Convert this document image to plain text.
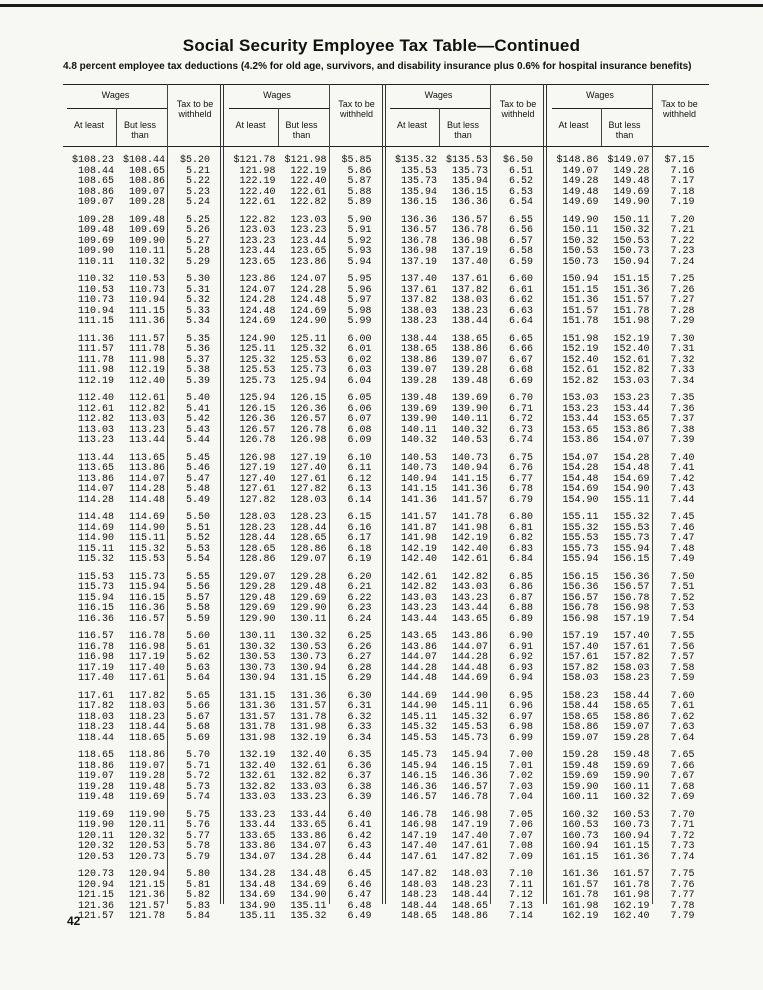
Social Security Employee Tax Table—Continued
4.8 percent employee tax deductions (4.2% for old age, survivors, and disability insurance plus 0.6% for hospital insurance benefits)
Wages
At least	But less than
Tax to be withheld
$108.23 $108.44	$5.20
108.44	108.65	5.21
108.65	108.86	5.22
108.86	109.07	5.23
109.07	109.28	5.24
109.28	109.48	5.25
109.48	109.69	5.26
109.69	109.90	5.27
109.90	110.11	5.28
110.11	110.32	5.29
110.32	110.53	5.30
110.53	110.73	5.31
110.73	110.94	5.32
110.94	111.15	5.33
111.15	111.36	5.34
111.36	111.57	5.35
111.57	111.78	5.36
111.78	111.98	5.37
111.98	112.19	5.38
112.19	112.40	5.39
112.40	112.61	5.40
112.61	112.82	5.41
112.82	113.03	5.42
113.03	113.23	5.43
113.23	113.44	5.44
113.44	113.65	5.45
113.65	113.86	5.46
113.86	114.07	5.47
114.07	114.28	5.48
114.28	114.48	5.49
114.48	114.69	5.50
114.69	114.90	5.51
114.90	115.11	5.52
115.11	115.32	5.53
115.32	115.53	5.54
115.53	115.73	5.55
115.73	115.94	5.56
115.94	116.15	5.57
116.15	116.36	5.58
116.36	116.57	5.59
116.57	116.78	5.60
116.78	116.98	5.61
116.98	117.19	5.62
117.19	117.40	5.63
117.40	117.61	5.64
117.61	117.82	5.65
117.82	118.03	5.66
118.03	118.23	5.67
118.23	118.44	5.68
118.44	118.65	5.69
118.65	118.86	5.70
118.86	119.07	5.71
119.07	119.28	5.72
119.28	119.48	5.73
119.48	119.69	5.74
119.69	119.90	5.75
119.90	120.11	5.76
120.11	120.32	5.77
120.32	120.53	5.78
120.53	120.73	5.79
120.73	120.94	5.80
120.94	121.15	5.81
121.15	121.36	5.82
121.36	121.57	5.83
121.57	121.78	5.84
Wages
At least	But less than
Tax to be withheld
$121.78 $121.98	$5.85
121.98	122.19	5.86
122.19	122.40	5.87
122.40	122.61	5.88
122.61	122.82	5.89
122.82	123.03	5.90
123.03	123.23	5.91
123.23	123.44	5.92
123.44	123.65	5.93
123.65	123.86	5.94
123.86	124.07	5.95
124.07	124.28	5.96
124.28	124.48	5.97
124.48	124.69	5.98
124.69	124.90	5.99
124.90	125.11	6.00
125.11	125.32	6.01
125.32	125.53	6.02
125.53	125.73	6.03
125.73	125.94	6.04
125.94	126.15	6.05
126.15	126.36	6.06
126.36	126.57	6.07
126.57	126.78	6.08
126.78	126.98	6.09
126.98	127.19	6.10
127.19	127.40	6.11
127.40	127.61	6.12
127.61	127.82	6.13
127.82	128.03	6.14
128.03	128.23	6.15
128.23	128.44	6.16
128.44	128.65	6.17
128.65	128.86	6.18
128.86	129.07	6.19
129.07	129.28	6.20
129.28	129.48	6.21
129.48	129.69	6.22
129.69	129.90	6.23
129.90	130.11	6.24
130.11	130.32	6.25
130.32	130.53	6.26
130.53	130.73	6.27
130.73	130.94	6.28
130.94	131.15	6.29
131.15	131.36	6.30
131.36	131.57	6.31
131.57	131.78	6.32
131.78	131.98	6.33
131.98	132.19	6.34
132.19	132.40	6.35
132.40	132.61	6.36
132.61	132.82	6.37
132.82	133.03	6.38
133.03	133.23	6.39
133.23	133.44	6.40
133.44	133.65	6.41
133.65	133.86	6.42
133.86	134.07	6.43
134.07	134.28	6.44
134.28	134.48	6.45
134.48	134.69	6.46
134.69	134.90	6.47
134.90	135.11	6.48
135.11	135.32	6.49
Wages
At least	But less than
Tax to be withheld
$135.32 $135.53	$6.50
135.53	135.73	6.51
135.73	135.94	6.52
135.94	136.15	6.53
136.15	136.36	6.54
136.36	136.57	6.55
136.57	136.78	6.56
136.78	136.98	6.57
136.98	137.19	6.58
137.19	137.40	6.59
137.40	137.61	6.60
137.61	137.82	6.61
137.82	138.03	6.62
138.03	138.23	6.63
138.23	138.44	6.64
138.44	138.65	6.65
138.65	138.86	6.66
138.86	139.07	6.67
139.07	139.28	6.68
139.28	139.48	6.69
139.48	139.69	6.70
139.69	139.90	6.71
139.90	140.11	6.72
140.11	140.32	6.73
140.32	140.53	6.74
140.53	140.73	6.75
140.73	140.94	6.76
140.94	141.15	6.77
141.15	141.36	6.78
141.36	141.57	6.79
141.57	141.78	6.80
141.87	141.98	6.81
141.98	142.19	6.82
142.19	142.40	6.83
142.40	142.61	6.84
142.61	142.82	6.85
142.82	143.03	6.86
143.03	143.23	6.87
143.23	143.44	6.88
143.44	143.65	6.89
143.65	143.86	6.90
143.86	144.07	6.91
144.07	144.28	6.92
144.28	144.48	6.93
144.48	144.69	6.94
144.69	144.90	6.95
144.90	145.11	6.96
145.11	145.32	6.97
145.32	145.53	6.98
145.53	145.73	6.99
145.73	145.94	7.00
145.94	146.15	7.01
146.15	146.36	7.02
146.36	146.57	7.03
146.57	146.78	7.04
146.78	146.98	7.05
146.98	147.19	7.06
147.19	147.40	7.07
147.40	147.61	7.08
147.61	147.82	7.09
147.82	148.03	7.10
148.03	148.23	7.11
148.23	148.44	7.12
148.44	148.65	7.13
148.65	148.86	7.14
Wages
At least	But less than
Tax to be withheld
$148.86 $149.07	$7.15
149.07	149.28	7.16
149.28	149.48	7.17
149.48	149.69	7.18
149.69	149.90	7.19
149.90	150.11	7.20
150.11	150.32	7.21
150.32	150.53	7.22
150.53	150.73	7.23
150.73	150.94	7.24
150.94	151.15	7.25
151.15	151.36	7.26
151.36	151.57	7.27
151.57	151.78	7.28
151.78	151.98	7.29
151.98	152.19	7.30
152.19	152.40	7.31
152.40	152.61	7.32
152.61	152.82	7.33
152.82	153.03	7.34
153.03	153.23	7.35
153.23	153.44	7.36
153.44	153.65	7.37
153.65	153.86	7.38
153.86	154.07	7.39
154.07	154.28	7.40
154.28	154.48	7.41
154.48	154.69	7.42
154.69	154.90	7.43
154.90	155.11	7.44
155.11	155.32	7.45
155.32	155.53	7.46
155.53	155.73	7.47
155.73	155.94	7.48
155.94	156.15	7.49
156.15	156.36	7.50
156.36	156.57	7.51
156.57	156.78	7.52
156.78	156.98	7.53
156.98	157.19	7.54
157.19	157.40	7.55
157.40	157.61	7.56
157.61	157.82	7.57
157.82	158.03	7.58
158.03	158.23	7.59
158.23	158.44	7.60
158.44	158.65	7.61
158.65	158.86	7.62
158.86	159.07	7.63
159.07	159.28	7.64
159.28	159.48	7.65
159.48	159.69	7.66
159.69	159.90	7.67
159.90	160.11	7.68
160.11	160.32	7.69
160.32	160.53	7.70
160.53	160.73	7.71
160.73	160.94	7.72
160.94	161.15	7.73
161.15	161.36	7.74
161.36	161.57	7.75
161.57	161.78	7.76
161.78	161.98	7.77
161.98	162.19	7.78
162.19	162.40	7.79
42
